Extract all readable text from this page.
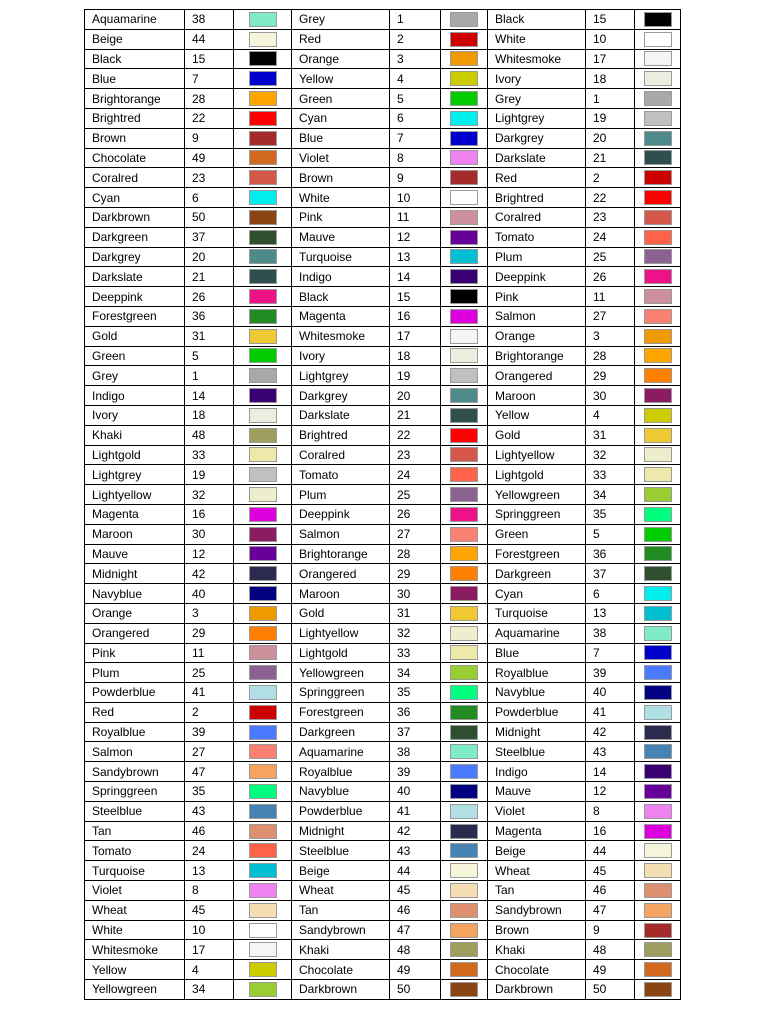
Aquamarine	38		Grey	1		Black	15	
Beige	44		Red	2		White	10	
Black	15		Orange	3		Whitesmoke	17	
Blue	7		Yellow	4		Ivory	18	
Brightorange	28		Green	5		Grey	1	
Brightred	22		Cyan	6		Lightgrey	19	
Brown	9		Blue	7		Darkgrey	20	
Chocolate	49		Violet	8		Darkslate	21	
Coralred	23		Brown	9		Red	2	
Cyan	6		White	10		Brightred	22	
Darkbrown	50		Pink	11		Coralred	23	
Darkgreen	37		Mauve	12		Tomato	24	
Darkgrey	20		Turquoise	13		Plum	25	
Darkslate	21		Indigo	14		Deeppink	26	
Deeppink	26		Black	15		Pink	11	
Forestgreen	36		Magenta	16		Salmon	27	
Gold	31		Whitesmoke	17		Orange	3	
Green	5		Ivory	18		Brightorange	28	
Grey	1		Lightgrey	19		Orangered	29	
Indigo	14		Darkgrey	20		Maroon	30	
Ivory	18		Darkslate	21		Yellow	4	
Khaki	48		Brightred	22		Gold	31	
Lightgold	33		Coralred	23		Lightyellow	32	
Lightgrey	19		Tomato	24		Lightgold	33	
Lightyellow	32		Plum	25		Yellowgreen	34	
Magenta	16		Deeppink	26		Springgreen	35	
Maroon	30		Salmon	27		Green	5	
Mauve	12		Brightorange	28		Forestgreen	36	
Midnight	42		Orangered	29		Darkgreen	37	
Navyblue	40		Maroon	30		Cyan	6	
Orange	3		Gold	31		Turquoise	13	
Orangered	29		Lightyellow	32		Aquamarine	38	
Pink	11		Lightgold	33		Blue	7	
Plum	25		Yellowgreen	34		Royalblue	39	
Powderblue	41		Springgreen	35		Navyblue	40	
Red	2		Forestgreen	36		Powderblue	41	
Royalblue	39		Darkgreen	37		Midnight	42	
Salmon	27		Aquamarine	38		Steelblue	43	
Sandybrown	47		Royalblue	39		Indigo	14	
Springgreen	35		Navyblue	40		Mauve	12	
Steelblue	43		Powderblue	41		Violet	8	
Tan	46		Midnight	42		Magenta	16	
Tomato	24		Steelblue	43		Beige	44	
Turquoise	13		Beige	44		Wheat	45	
Violet	8		Wheat	45		Tan	46	
Wheat	45		Tan	46		Sandybrown	47	
White	10		Sandybrown	47		Brown	9	
Whitesmoke	17		Khaki	48		Khaki	48	
Yellow	4		Chocolate	49		Chocolate	49	
Yellowgreen	34		Darkbrown	50		Darkbrown	50	
